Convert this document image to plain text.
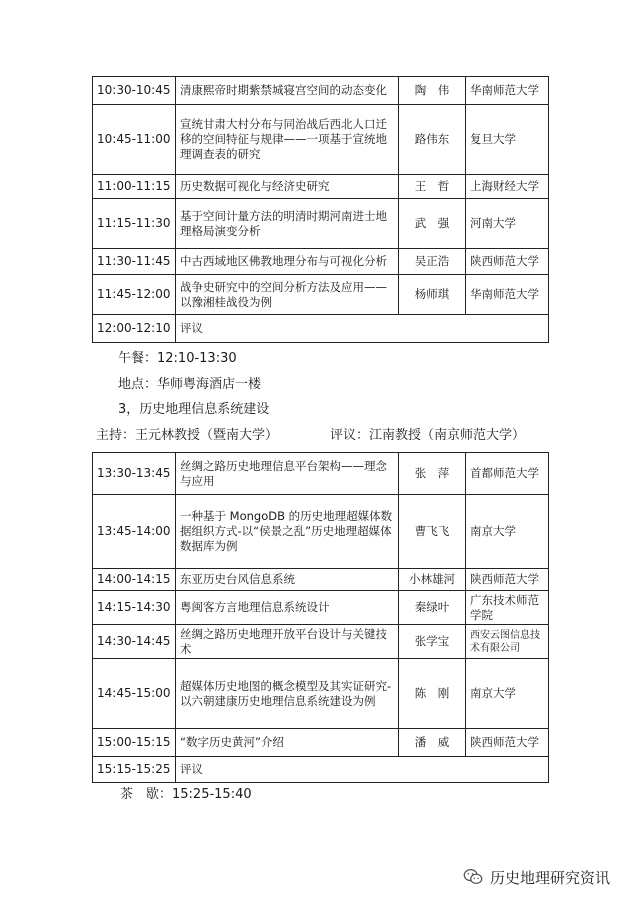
10:30-10:45	清康熙帝时期紫禁城寝宫空间的动态变化	陶　伟	华南师范大学
10:45-11:00	宣统甘肃大村分布与同治战后西北人口迁移的空间特征与规律——一项基于宣统地理调查表的研究	路伟东	复旦大学
11:00-11:15	历史数据可视化与经济史研究	王　哲	上海财经大学
11:15-11:30	基于空间计量方法的明清时期河南进士地理格局演变分析	武　强	河南大学
11:30-11:45	中古西域地区佛教地理分布与可视化分析	吴正浩	陕西师范大学
11:45-12:00	战争史研究中的空间分析方法及应用——以豫湘桂战役为例	杨师琪	华南师范大学
12:00-12:10	评议		
午餐：12:10-13:30
地点：华师粤海酒店一楼
3，历史地理信息系统建设
主持：王元林教授（暨南大学）	评议：江南教授（南京师范大学）
13:30-13:45	丝绸之路历史地理信息平台架构——理念与应用	张　萍	首都师范大学
13:45-14:00	一种基于 MongoDB 的历史地理超媒体数据组织方式-以“侯景之乱”历史地理超媒体数据库为例	曹飞飞	南京大学
14:00-14:15	东亚历史台风信息系统	小林雄河	陕西师范大学
14:15-14:30	粤闽客方言地理信息系统设计	秦绿叶	广东技术师范学院
14:30-14:45	丝绸之路历史地理开放平台设计与关键技术	张学宝	西安云图信息技术有限公司
14:45-15:00	超媒体历史地图的概念模型及其实证研究-以六朝建康历史地理信息系统建设为例	陈　刚	南京大学
15:00-15:15	“数字历史黄河”介绍	潘　威	陕西师范大学
15:15-15:25	评议		
茶　歇：15:25-15:40
历史地理研究资讯
